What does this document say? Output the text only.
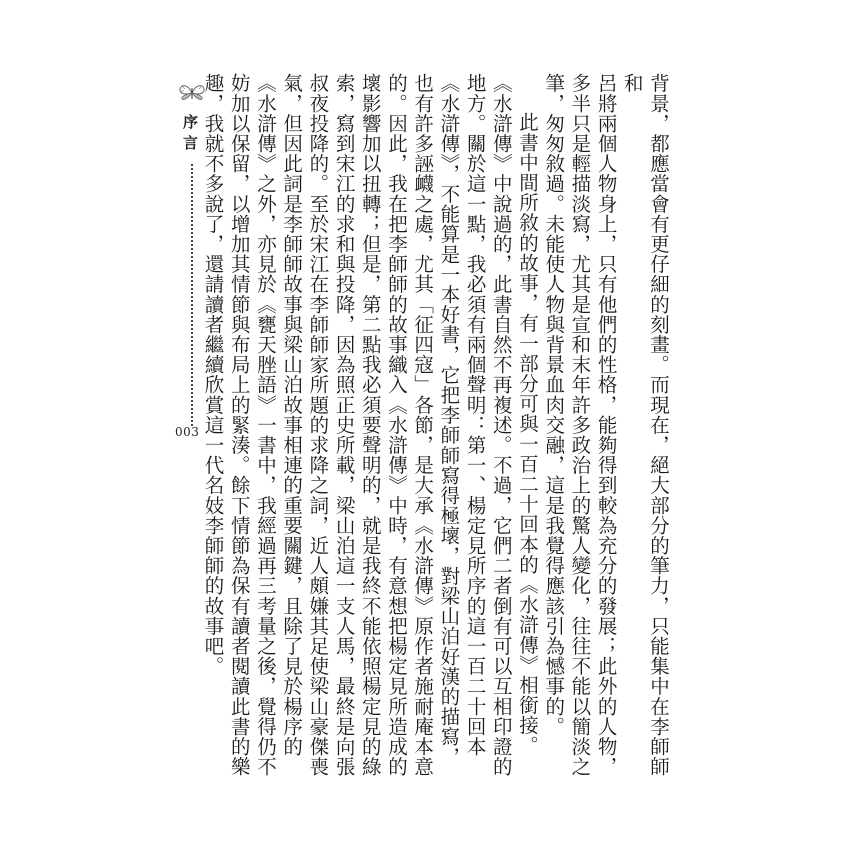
序言
003	背景，都應當會有更仔細的刻畫。而現在，絕大部分的筆力，只能集中在李師師和

呂將兩個人物身上，只有他們的性格，能夠得到較為充分的發展；此外的人物，多半只是輕描淡寫，尤其是宣和末年許多政治上的驚人變化，往往不能以簡淡之筆，匆匆敘過。未能使人物與背景血肉交融，這是我覺得應該引為憾事的。

此書中間所敘的故事，有一部分可與一百二十回本的《水滸傳》相銜接。《水滸傳》中說過的，此書自然不再複述。不過，它們二者倒有可以互相印證的地方。關於這一點，我必須有兩個聲明：第一、楊定見所序的這一百二十回本《水滸傳》，不能算是一本好書，它把李師師寫得極壞，對梁山泊好漢的描寫，也有許多誣衊之處，尤其「征四寇」各節，是大承《水滸傳》原作者施耐庵本意的。因此，我在把李師師的故事織入《水滸傳》中時，有意想把楊定見所造成的壞影響加以扭轉；但是，第二點我必須要聲明的，就是我終不能依照楊定見的綠索，寫到宋江的求和與投降，因為照正史所載，梁山泊這一支人馬，最終是向張叔夜投降的。至於宋江在李師師家所題的求降之詞，近人頗嫌其足使梁山豪傑喪氣，但因此詞是李師師故事與梁山泊故事相連的重要關鍵，且除了見於楊序的《水滸傳》之外，亦見於《甕天脞語》一書中，我經過再三考量之後，覺得仍不妨加以保留，以增加其情節與布局上的緊湊。餘下情節為保有讀者閱讀此書的樂趣，我就不多說了，還請讀者繼續欣賞這一代名妓李師師的故事吧。
